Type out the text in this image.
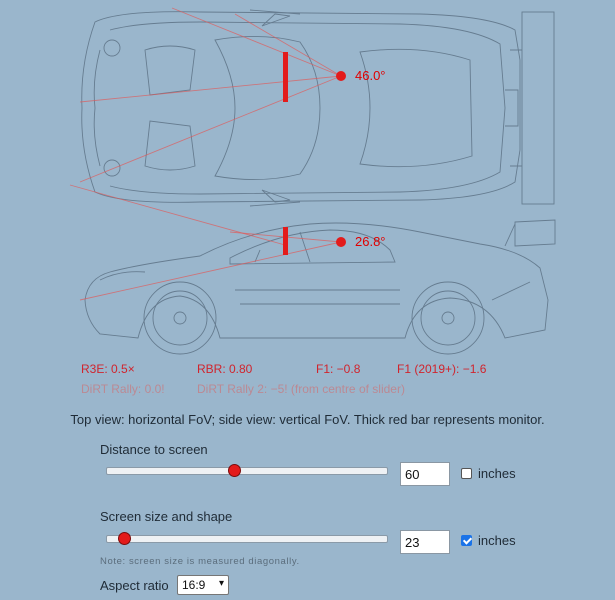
46.0°
26.8°
R3E: 0.5×	RBR: 0.80	F1: −0.8	F1 (2019+): −1.6
DiRT Rally: 0.0!	DiRT Rally 2: −5! (from centre of slider)
Top view: horizontal FoV; side view: vertical FoV. Thick red bar represents monitor.
Distance to screen
60
inches
Screen size and shape
23
inches
Note: screen size is measured diagonally.
Aspect ratio	16:9 ▾
